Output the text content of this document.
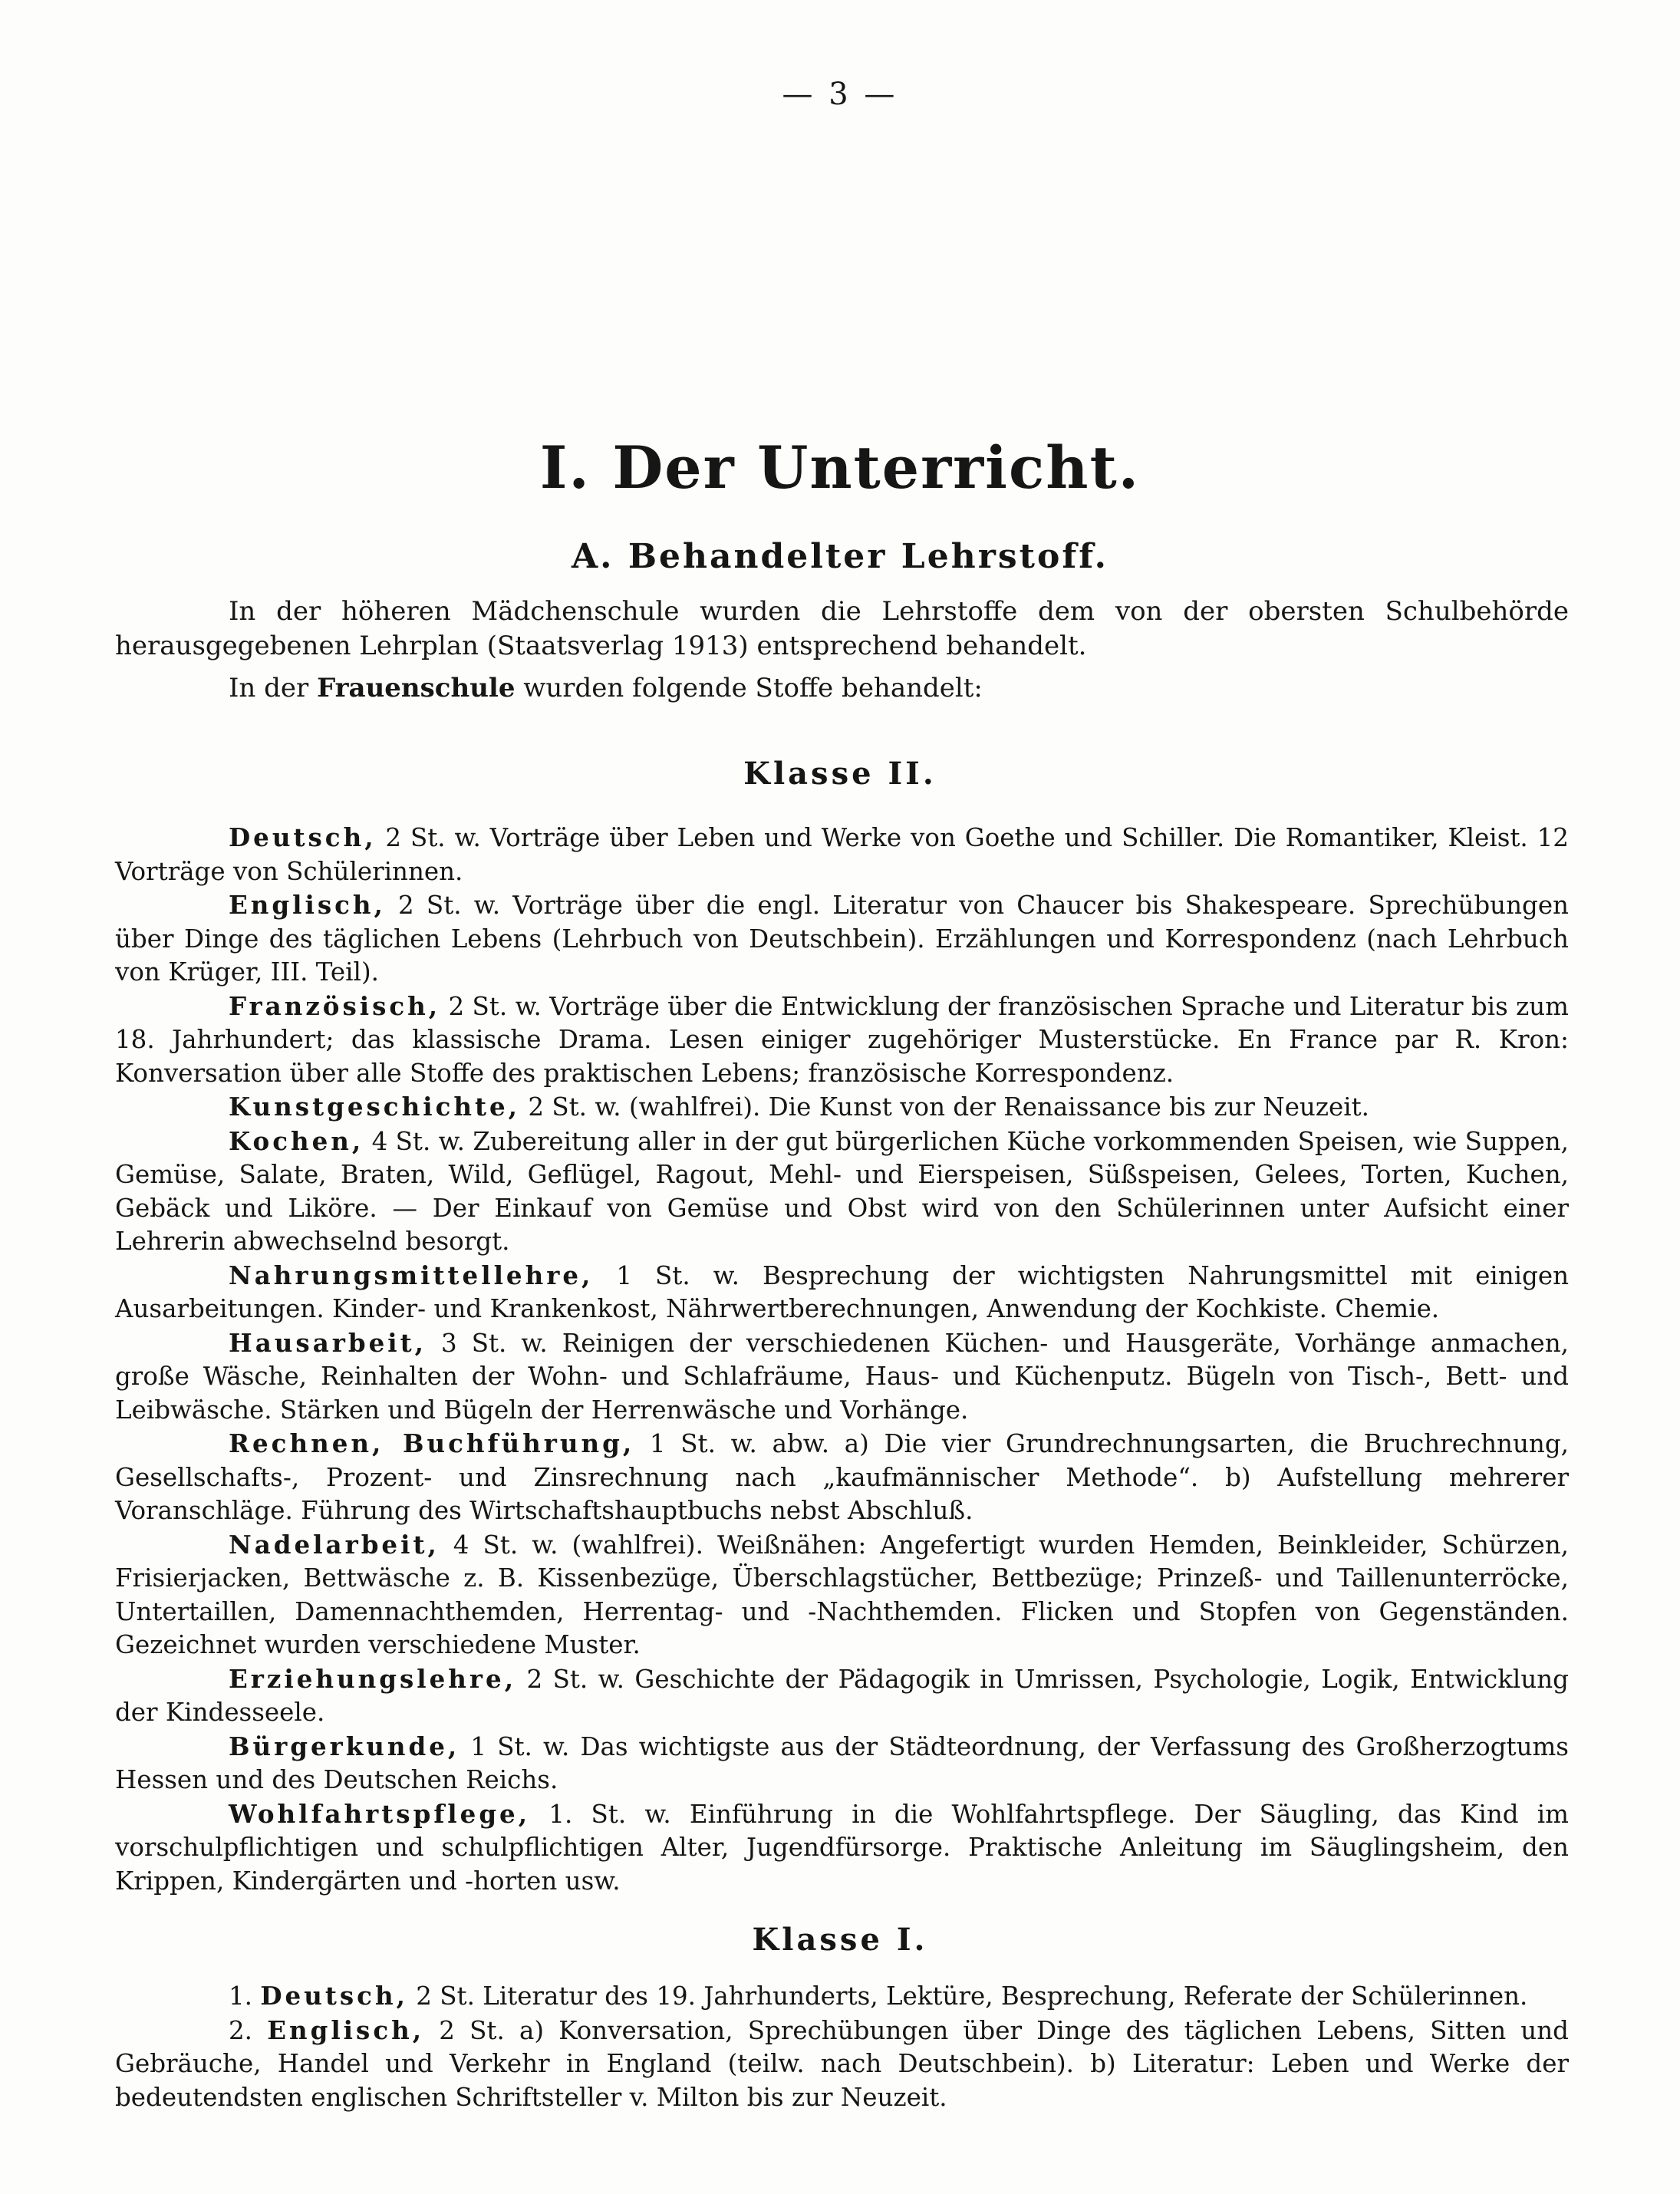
— 3 —
I. Der Unterricht.
A. Behandelter Lehrstoff.

In der höheren Mädchenschule wurden die Lehrstoffe dem von der obersten Schulbehörde herausgegebenen Lehrplan (Staatsverlag 1913) entsprechend behandelt.

In der Frauenschule wurden folgende Stoffe behandelt:

Klasse II.

Deutsch, 2 St. w. Vorträge über Leben und Werke von Goethe und Schiller. Die Romantiker, Kleist. 12 Vorträge von Schülerinnen.

Englisch, 2 St. w. Vorträge über die engl. Literatur von Chaucer bis Shakespeare. Sprechübungen über Dinge des täglichen Lebens (Lehrbuch von Deutschbein). Erzählungen und Korrespondenz (nach Lehrbuch von Krüger, III. Teil).

Französisch, 2 St. w. Vorträge über die Entwicklung der französischen Sprache und Literatur bis zum 18. Jahrhundert; das klassische Drama. Lesen einiger zugehöriger Musterstücke. En France par R. Kron: Konversation über alle Stoffe des praktischen Lebens; französische Korrespondenz.

Kunstgeschichte, 2 St. w. (wahlfrei). Die Kunst von der Renaissance bis zur Neuzeit.

Kochen, 4 St. w. Zubereitung aller in der gut bürgerlichen Küche vorkommenden Speisen, wie Suppen, Gemüse, Salate, Braten, Wild, Geflügel, Ragout, Mehl- und Eierspeisen, Süßspeisen, Gelees, Torten, Kuchen, Gebäck und Liköre. — Der Einkauf von Gemüse und Obst wird von den Schülerinnen unter Aufsicht einer Lehrerin abwechselnd besorgt.

Nahrungsmittellehre, 1 St. w. Besprechung der wichtigsten Nahrungsmittel mit einigen Ausarbeitungen. Kinder- und Krankenkost, Nährwertberechnungen, Anwendung der Kochkiste. Chemie.

Hausarbeit, 3 St. w. Reinigen der verschiedenen Küchen- und Hausgeräte, Vorhänge anmachen, große Wäsche, Reinhalten der Wohn- und Schlafräume, Haus- und Küchenputz. Bügeln von Tisch-, Bett- und Leibwäsche. Stärken und Bügeln der Herrenwäsche und Vorhänge.

Rechnen, Buchführung, 1 St. w. abw. a) Die vier Grundrechnungsarten, die Bruchrechnung, Gesellschafts-, Prozent- und Zinsrechnung nach „kaufmännischer Methode“. b) Aufstellung mehrerer Voranschläge. Führung des Wirtschaftshauptbuchs nebst Abschluß.

Nadelarbeit, 4 St. w. (wahlfrei). Weißnähen: Angefertigt wurden Hemden, Beinkleider, Schürzen, Frisierjacken, Bettwäsche z. B. Kissenbezüge, Überschlagstücher, Bettbezüge; Prinzeß- und Taillenunterröcke, Untertaillen, Damennachthemden, Herrentag- und -Nachthemden. Flicken und Stopfen von Gegenständen. Gezeichnet wurden verschiedene Muster.

Erziehungslehre, 2 St. w. Geschichte der Pädagogik in Umrissen, Psychologie, Logik, Entwicklung der Kindesseele.

Bürgerkunde, 1 St. w. Das wichtigste aus der Städteordnung, der Verfassung des Großherzogtums Hessen und des Deutschen Reichs.

Wohlfahrtspflege, 1. St. w. Einführung in die Wohlfahrtspflege. Der Säugling, das Kind im vorschulpflichtigen und schulpflichtigen Alter, Jugendfürsorge. Praktische Anleitung im Säuglingsheim, den Krippen, Kindergärten und -horten usw.

Klasse I.

1. Deutsch, 2 St. Literatur des 19. Jahrhunderts, Lektüre, Besprechung, Referate der Schülerinnen.

2. Englisch, 2 St. a) Konversation, Sprechübungen über Dinge des täglichen Lebens, Sitten und Gebräuche, Handel und Verkehr in England (teilw. nach Deutschbein). b) Literatur: Leben und Werke der bedeutendsten englischen Schriftsteller v. Milton bis zur Neuzeit.
